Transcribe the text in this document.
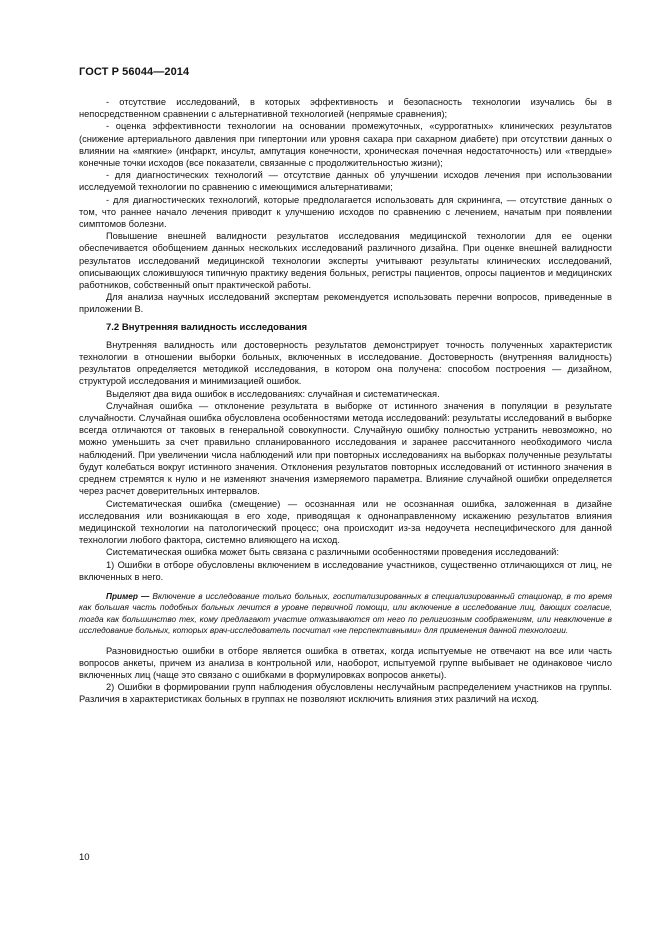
ГОСТ Р 56044—2014

- отсутствие исследований, в которых эффективность и безопасность технологии изучались бы в непосредственном сравнении с альтернативной технологией (непрямые сравнения);

- оценка эффективности технологии на основании промежуточных, «суррогатных» клинических результатов (снижение артериального давления при гипертонии или уровня сахара при сахарном диабете) при отсутствии данных о влиянии на «мягкие» (инфаркт, инсульт, ампутация конечности, хроническая почечная недостаточность) или «твердые» конечные точки исходов (все показатели, связанные с продолжительностью жизни);

- для диагностических технологий — отсутствие данных об улучшении исходов лечения при использовании исследуемой технологии по сравнению с имеющимися альтернативами;

- для диагностических технологий, которые предполагается использовать для скрининга, — отсутствие данных о том, что раннее начало лечения приводит к улучшению исходов по сравнению с лечением, начатым при появлении симптомов болезни.

Повышение внешней валидности результатов исследования медицинской технологии для ее оценки обеспечивается обобщением данных нескольких исследований различного дизайна. При оценке внешней валидности результатов исследований медицинской технологии эксперты учитывают результаты клинических исследований, описывающих сложившуюся типичную практику ведения больных, регистры пациентов, опросы пациентов и медицинских работников, собственный опыт практической работы.

Для анализа научных исследований экспертам рекомендуется использовать перечни вопросов, приведенные в приложении В.

7.2 Внутренняя валидность исследования

Внутренняя валидность или достоверность результатов демонстрирует точность полученных характеристик технологии в отношении выборки больных, включенных в исследование. Достоверность (внутренняя валидность) результатов определяется методикой исследования, в котором она получена: способом построения — дизайном, структурой исследования и минимизацией ошибок.

Выделяют два вида ошибок в исследованиях: случайная и систематическая.

Случайная ошибка — отклонение результата в выборке от истинного значения в популяции в результате случайности. Случайная ошибка обусловлена особенностями метода исследований: результаты исследований в выборке всегда отличаются от таковых в генеральной совокупности. Случайную ошибку полностью устранить невозможно, но можно уменьшить за счет правильно спланированного исследования и заранее рассчитанного необходимого числа наблюдений. При увеличении числа наблюдений или при повторных исследованиях на выборках полученные результаты будут колебаться вокруг истинного значения. Отклонения результатов повторных исследований от истинного значения в среднем стремятся к нулю и не изменяют значения измеряемого параметра. Влияние случайной ошибки определяется через расчет доверительных интервалов.

Систематическая ошибка (смещение) — осознанная или не осознанная ошибка, заложенная в дизайне исследования или возникающая в его ходе, приводящая к однонаправленному искажению результатов влияния медицинской технологии на патологический процесс; она происходит из-за недоучета неспецифического для данной технологии любого фактора, системно влияющего на исход.

Систематическая ошибка может быть связана с различными особенностями проведения исследований:

1) Ошибки в отборе обусловлены включением в исследование участников, существенно отличающихся от лиц, не включенных в него.

Пример — Включение в исследование только больных, госпитализированных в специализированный стационар, в то время как большая часть подобных больных лечится в уровне первичной помощи, или включение в исследование лиц, дающих согласие, тогда как большинство тех, кому предлагают участие отказываются от него по религиозным соображениям, или невключение в исследование больных, которых врач-исследователь посчитал «не перспективными» для применения данной технологии.

Разновидностью ошибки в отборе является ошибка в ответах, когда испытуемые не отвечают на все или часть вопросов анкеты, причем из анализа в контрольной или, наоборот, испытуемой группе выбывает не одинаковое число включенных лиц (чаще это связано с ошибками в формулировках вопросов анкеты).

2) Ошибки в формировании групп наблюдения обусловлены неслучайным распределением участников на группы. Различия в характеристиках больных в группах не позволяют исключить влияния этих различий на исход.

10
